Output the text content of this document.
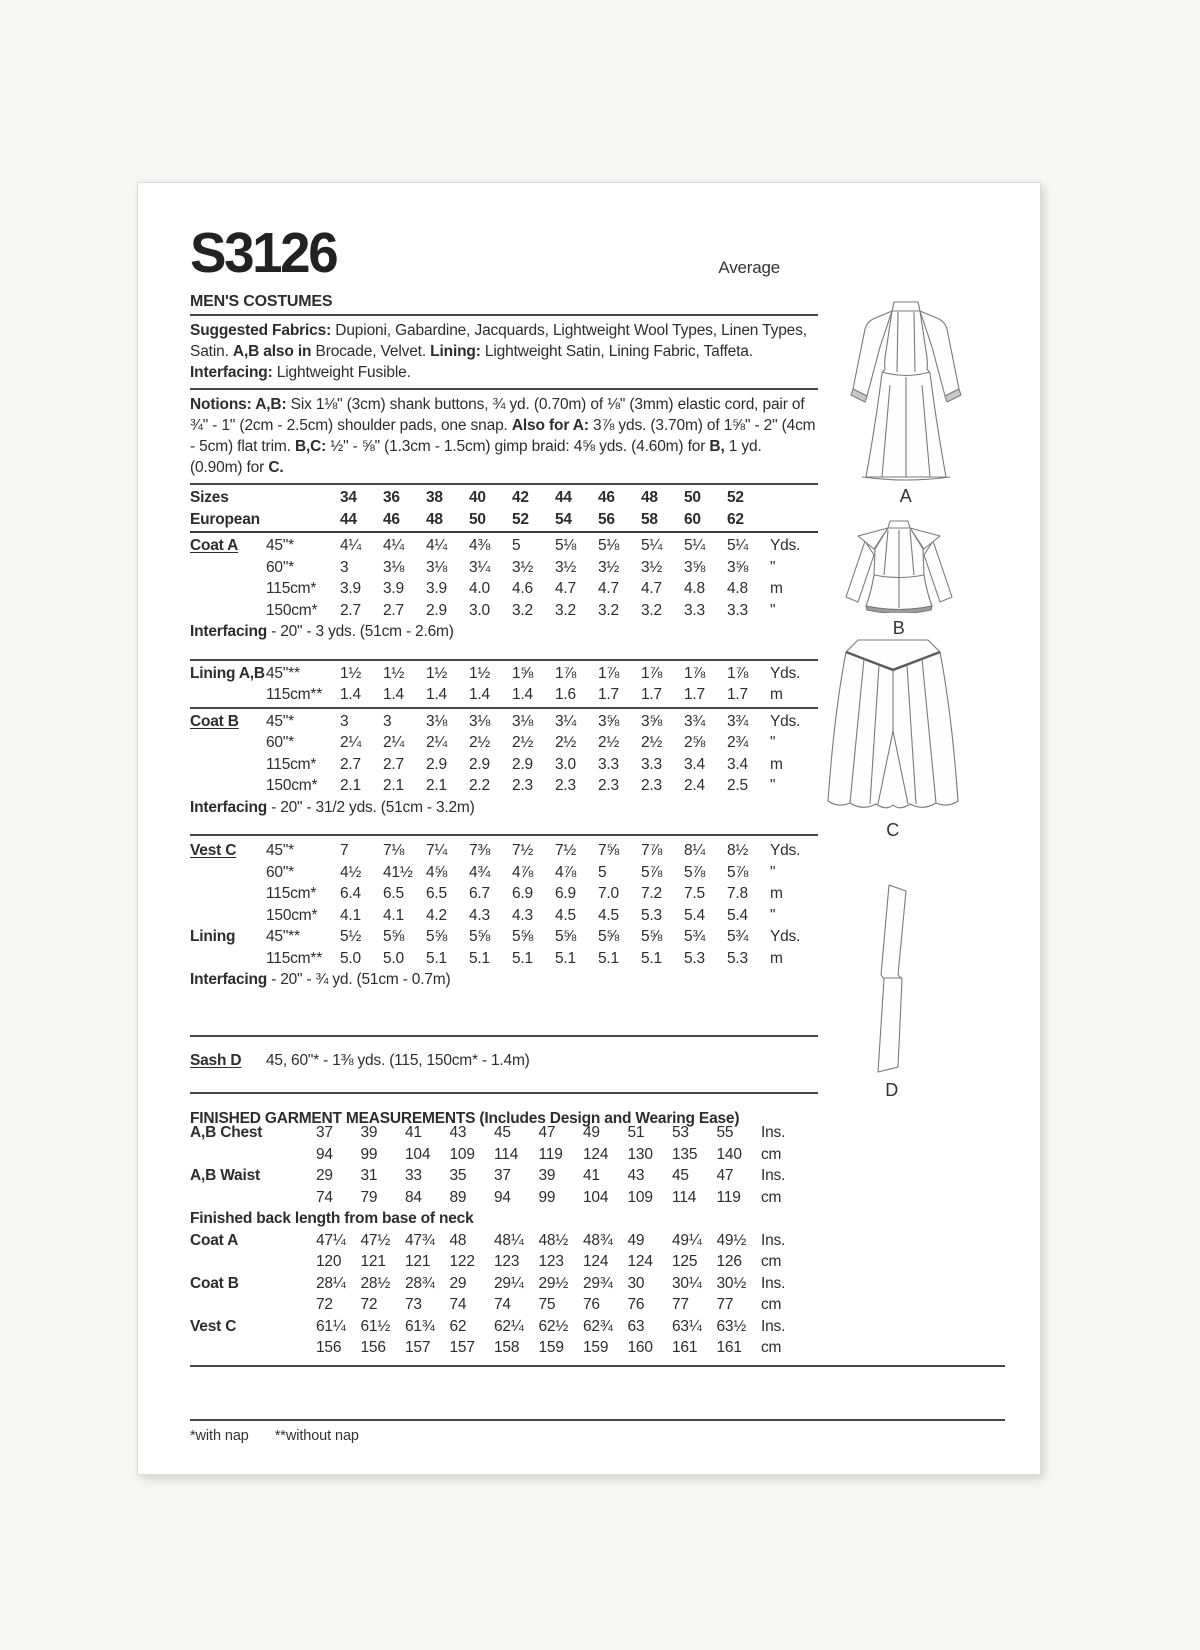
S3126	Average
MEN'S COSTUMES
Suggested Fabrics: Dupioni, Gabardine, Jacquards, Lightweight Wool Types, Linen Types, Satin. A,B also in Brocade, Velvet. Lining: Lightweight Satin, Lining Fabric, Taffeta. Interfacing: Lightweight Fusible.
Notions: A,B: Six 1⅛" (3cm) shank buttons, ¾ yd. (0.70m) of ⅛" (3mm) elastic cord, pair of ¾" - 1" (2cm - 2.5cm) shoulder pads, one snap. Also for A: 3⅞ yds. (3.70m) of 1⅝" - 2" (4cm - 5cm) flat trim. B,C: ½" - ⅝" (1.3cm - 1.5cm) gimp braid: 4⅝ yds. (4.60m) for B, 1 yd. (0.90m) for C.
Sizes	34	36	38	40	42	44	46	48	50	52
European	44	46	48	50	52	54	56	58	60	62
Coat A	45"*	4¼	4¼	4¼	4⅜	5	5⅛	5⅛	5¼	5¼	5¼	Yds.
60"*	3	3⅛	3⅛	3¼	3½	3½	3½	3½	3⅝	3⅝	"
115cm*	3.9	3.9	3.9	4.0	4.6	4.7	4.7	4.7	4.8	4.8	m
150cm*	2.7	2.7	2.9	3.0	3.2	3.2	3.2	3.2	3.3	3.3	"
Interfacing - 20" - 3 yds. (51cm - 2.6m)
Lining A,B 45"**	1½	1½	1½	1½	1⅝	1⅞	1⅞	1⅞	1⅞	1⅞	Yds.
115cm**	1.4	1.4	1.4	1.4	1.4	1.6	1.7	1.7	1.7	1.7	m
Coat B	45"*	3	3	3⅛	3⅛	3⅛	3¼	3⅝	3⅝	3¾	3¾	Yds.
60"*	2¼	2¼	2¼	2½	2½	2½	2½	2½	2⅝	2¾	"
115cm*	2.7	2.7	2.9	2.9	2.9	3.0	3.3	3.3	3.4	3.4	m
150cm*	2.1	2.1	2.1	2.2	2.3	2.3	2.3	2.3	2.4	2.5	"
Interfacing - 20" - 31/2 yds. (51cm - 3.2m)
Vest C	45"*	7	7⅛	7¼	7⅜	7½	7½	7⅝	7⅞	8¼	8½	Yds.
60"*	4½	41½ 4⅝	4¾	4⅞	4⅞	5	5⅞	5⅞	5⅞	"
115cm*	6.4	6.5	6.5	6.7	6.9	6.9	7.0	7.2	7.5	7.8	m
150cm*	4.1	4.1	4.2	4.3	4.3	4.5	4.5	5.3	5.4	5.4	"
Lining	45"**	5½	5⅝	5⅝	5⅝	5⅝	5⅝	5⅝	5⅝	5¾	5¾	Yds.
115cm**	5.0	5.0	5.1	5.1	5.1	5.1	5.1	5.1	5.3	5.3	m
Interfacing - 20" - ¾ yd. (51cm - 0.7m)
Sash D	45, 60"* - 1⅜ yds. (115, 150cm* - 1.4m)
FINISHED GARMENT MEASUREMENTS (Includes Design and Wearing Ease)
A,B Chest	37	39	41	43	45	47	49	51	53	55	Ins.
94	99	104	109	114	119	124	130	135	140	cm
A,B Waist	29	31	33	35	37	39	41	43	45	47	Ins.
74	79	84	89	94	99	104	109	114	119	cm
Finished back length from base of neck
Coat A	47¼ 47½ 47¾ 48	48¼ 48½ 48¾ 49	49¼ 49½ Ins.
120	121	121	122	123	123	124	124	125	126	cm
Coat B	28¼ 28½ 28¾ 29	29¼ 29½ 29¾ 30	30¼ 30½ Ins.
72	72	73	74	74	75	76	76	77	77	cm
Vest C	61¼ 61½ 61¾ 62	62¼ 62½ 62¾ 63	63¼ 63½ Ins.
156	156	157	157	158	159	159	160	161	161	cm
*with nap **without nap
A
B
C
D
